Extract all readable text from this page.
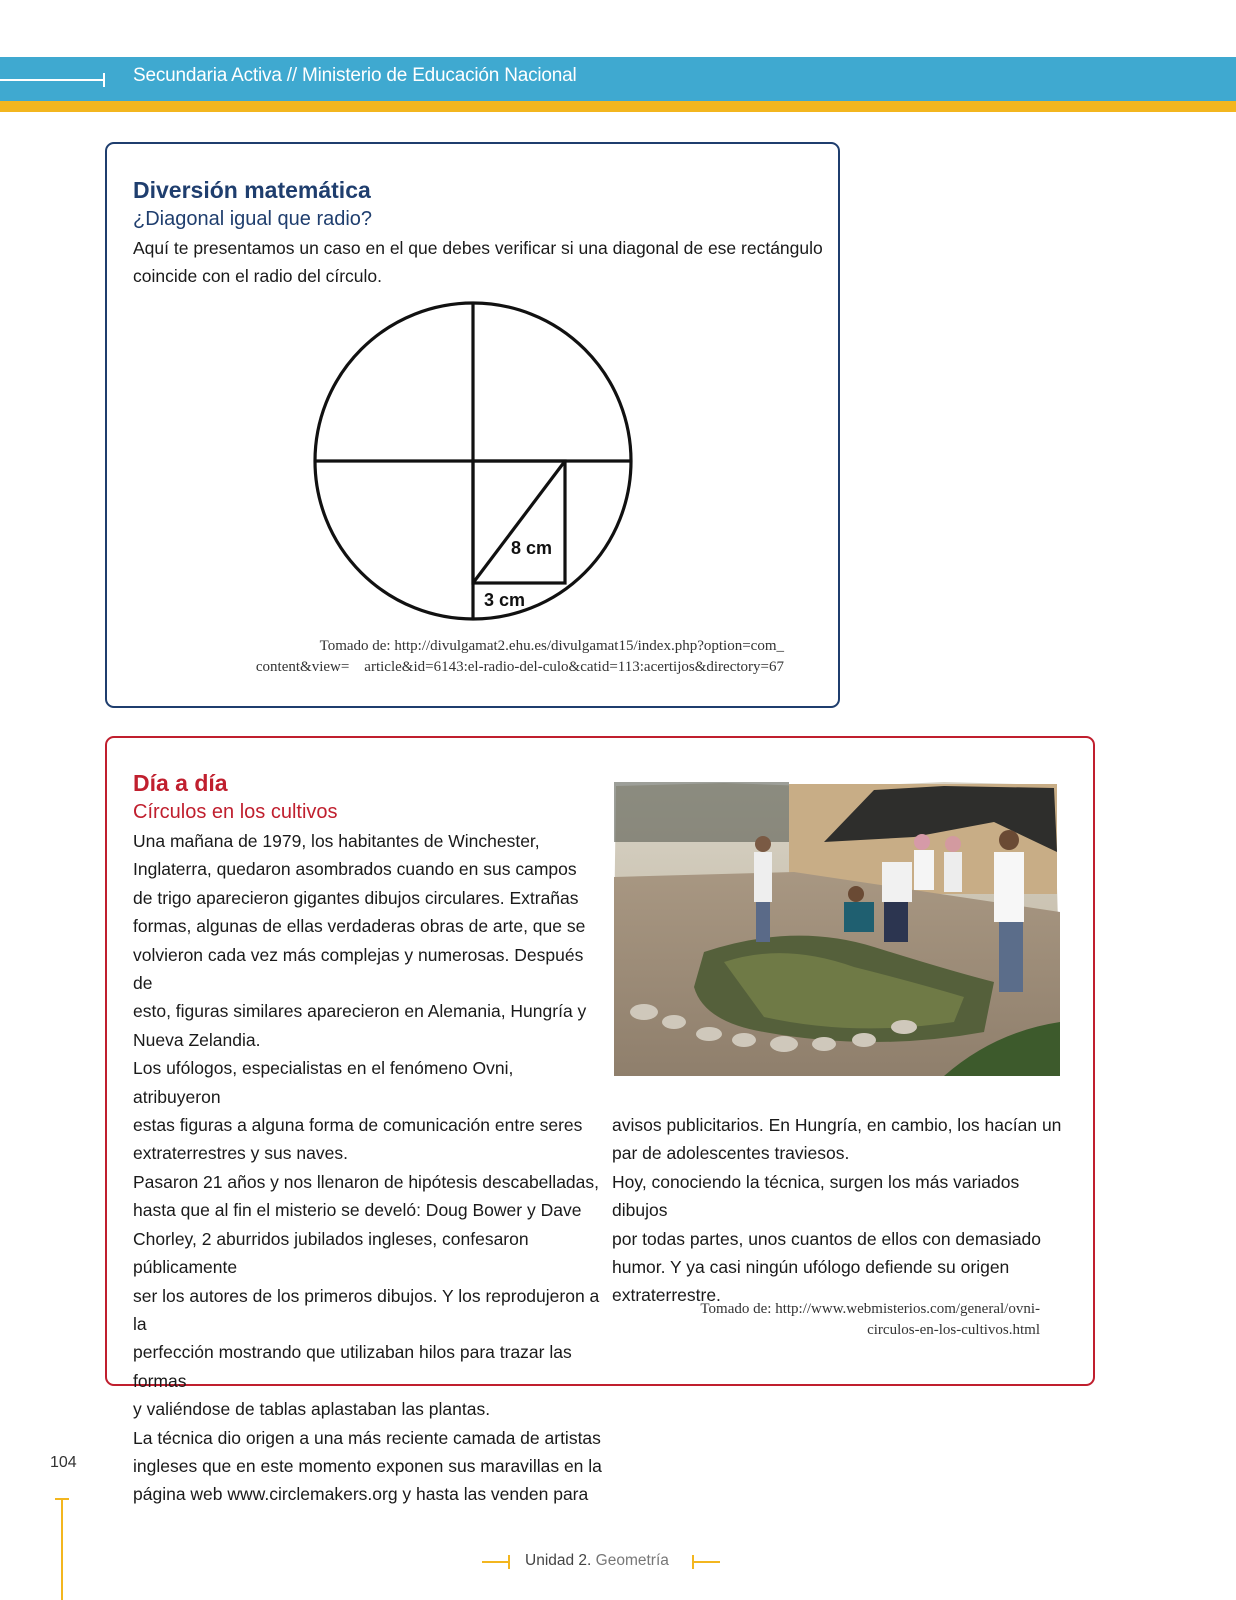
Secundaria Activa // Ministerio de Educación Nacional
Diversión matemática

¿Diagonal igual que radio?

Aquí te presentamos un caso en el que debes verificar si una diagonal de ese rectángulo
coincide con el radio del círculo.

8 cm
3 cm

Tomado de: http://divulgamat2.ehu.es/divulgamat15/index.php?option=com_
content&view=    article&id=6143:el-radio-del-culo&catid=113:acertijos&directory=67

Día a día

Círculos en los cultivos

Una mañana de 1979, los habitantes de Winchester,
Inglaterra, quedaron asombrados cuando en sus campos
de trigo aparecieron gigantes dibujos circulares. Extrañas
formas, algunas de ellas verdaderas obras de arte, que se
volvieron cada vez más complejas y numerosas. Después de
esto, figuras similares aparecieron en Alemania, Hungría y
Nueva Zelandia.
Los ufólogos, especialistas en el fenómeno Ovni, atribuyeron
estas figuras a alguna forma de comunicación entre seres
extraterrestres y sus naves.
Pasaron 21 años y nos llenaron de hipótesis descabelladas,
hasta que al fin el misterio se develó: Doug Bower y Dave
Chorley, 2 aburridos jubilados ingleses, confesaron públicamente
ser los autores de los primeros dibujos. Y los reprodujeron a la
perfección mostrando que utilizaban hilos para trazar las formas
y valiéndose de tablas aplastaban las plantas.
La técnica dio origen a una más reciente camada de artistas
ingleses que en este momento exponen sus maravillas en la
página web www.circlemakers.org y hasta las venden para

avisos publicitarios. En Hungría, en cambio, los hacían un
par de adolescentes traviesos.
Hoy, conociendo la técnica, surgen los más variados dibujos
por todas partes, unos cuantos de ellos con demasiado
humor. Y ya casi ningún ufólogo defiende su origen
extraterrestre.

Tomado de: http://www.webmisterios.com/general/ovni-
circulos-en-los-cultivos.html

104
Unidad 2. Geometría
